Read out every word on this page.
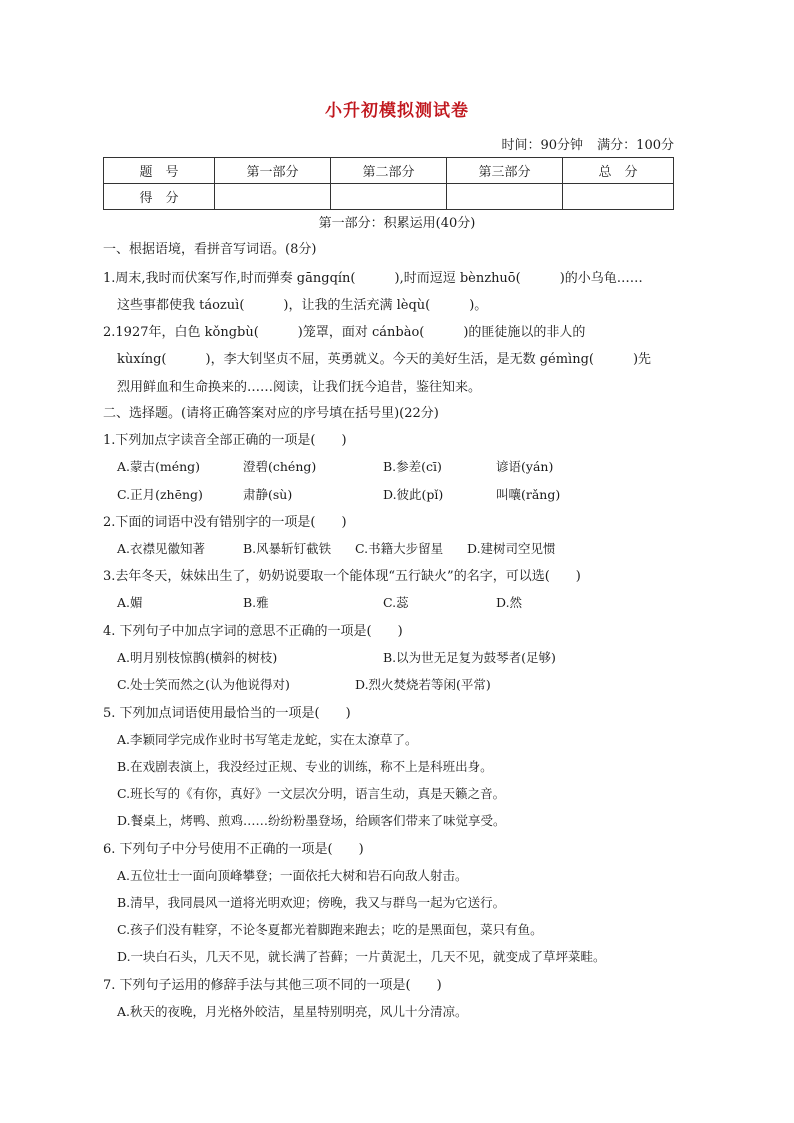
小升初模拟测试卷
时间：90分钟 满分：100分
题　号	第一部分	第二部分	第三部分	总　分
得　分				
第一部分：积累运用(40分)
一、根据语境，看拼音写词语。(8分)
1.周末,我时而伏案写作,时而弹奏 gāngqín(　　　),时而逗逗 bènzhuō(　　　)的小乌龟……
这些事都使我 táozuì(　　　)，让我的生活充满 lèqù(　　　)。
2.1927年，白色 kǒngbù(　　　)笼罩，面对 cánbào(　　　)的匪徒施以的非人的
kùxíng(　　　)，李大钊坚贞不屈，英勇就义。今天的美好生活，是无数 gémìng(　　　)先
烈用鲜血和生命换来的……阅读，让我们抚今追昔，鉴往知来。
二、选择题。(请将正确答案对应的序号填在括号里)(22分)
1.下列加点字读音全部正确的一项是(　　)
A.蒙古(méng)	澄碧(chéng)	B.参差(cī)	谚语(yán)
C.正月(zhēng)	肃静(sù)	D.彼此(pǐ)	叫嚷(rǎng)
2.下面的词语中没有错别字的一项是(　　)
A.衣襟见徽知著	B.风暴斩钉截铁 C.书籍大步留星 D.建树司空见惯
3.去年冬天，妹妹出生了，奶奶说要取一个能体现“五行缺火”的名字，可以选(　　)
A.媚	B.雅	C.蕊	D.然
4. 下列句子中加点字词的意思不正确的一项是(　　)
A.明月别枝惊鹊(横斜的树枝)	B.以为世无足复为鼓琴者(足够)
C.处士笑而然之(认为他说得对)	D.烈火焚烧若等闲(平常)
5. 下列加点词语使用最恰当的一项是(　　)
A.李颖同学完成作业时书写笔走龙蛇，实在太潦草了。
B.在戏剧表演上，我没经过正规、专业的训练，称不上是科班出身。
C.班长写的《有你，真好》一文层次分明，语言生动，真是天籁之音。
D.餐桌上，烤鸭、煎鸡……纷纷粉墨登场，给顾客们带来了味觉享受。
6. 下列句子中分号使用不正确的一项是(　　)
A.五位壮士一面向顶峰攀登；一面依托大树和岩石向敌人射击。
B.清早，我同晨风一道将光明欢迎；傍晚，我又与群鸟一起为它送行。
C.孩子们没有鞋穿，不论冬夏都光着脚跑来跑去；吃的是黑面包，菜只有鱼。
D.一块白石头，几天不见，就长满了苔藓；一片黄泥土，几天不见，就变成了草坪菜畦。
7. 下列句子运用的修辞手法与其他三项不同的一项是(　　)
A.秋天的夜晚，月光格外皎洁，星星特别明亮，风儿十分清凉。
